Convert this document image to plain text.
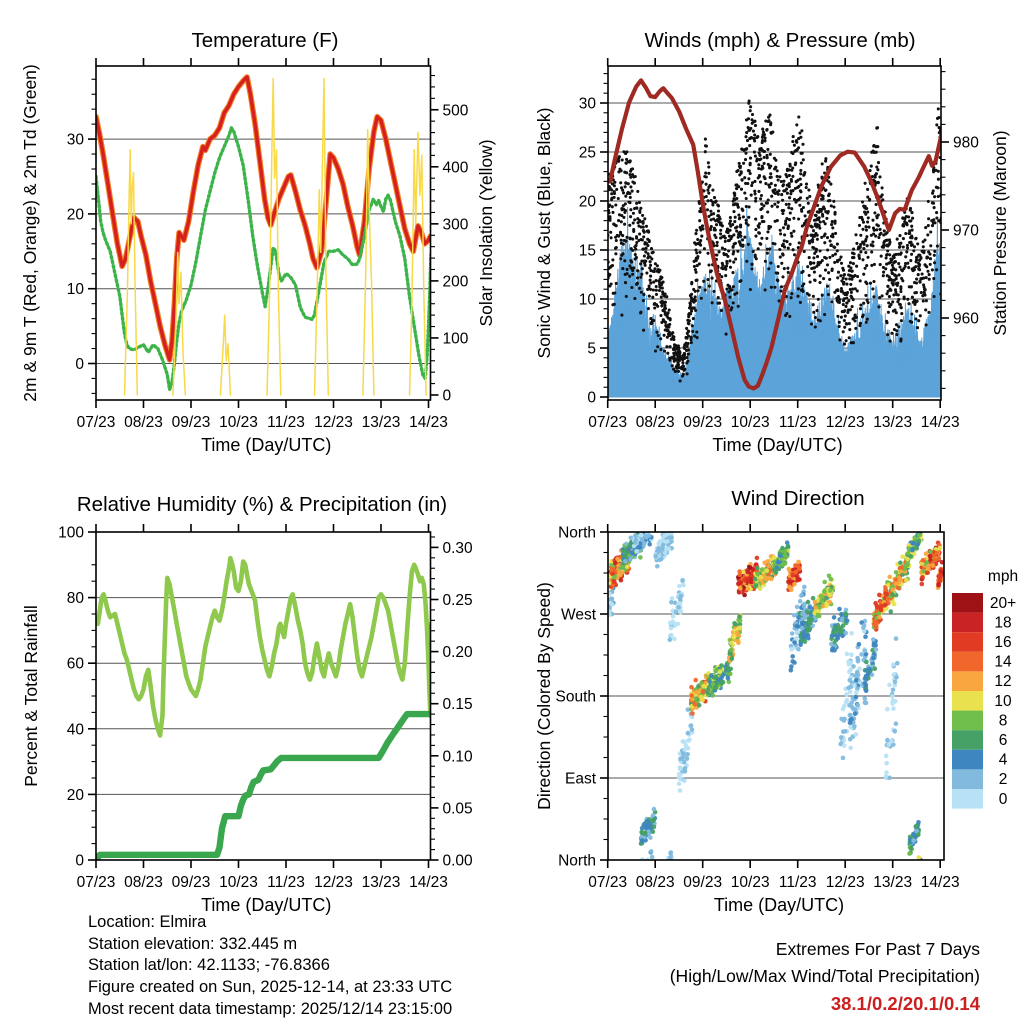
07/23 08/23 09/23 10/23 11/23 12/23 13/23 14/23
0
10
20
30
0
100
200
300
400
500
Temperature (F)
Time (Day/UTC)
2m & 9m T (Red, Orange) & 2m Td (Green)	Solar Insolation (Yellow)
07/23 08/23 09/23 10/23 11/23 12/23 13/23 14/23
0
5
10
15
20
25
30
960
970
980
Winds (mph) & Pressure (mb)
Time (Day/UTC)
Sonic Wind & Gust (Blue, Black)	Station Pressure (Maroon)
07/23 08/23 09/23 10/23 11/23 12/23 13/23 14/23
0
20
40
60
80
100
0.00
0.05
0.10
0.15
0.20
0.25
0.30
Relative Humidity (%) & Precipitation (in)
Time (Day/UTC)
Percent & Total Rainfall
07/23 08/23 09/23 10/23 11/23 12/23 13/23 14/23
North
East
South
West
North
Wind Direction
Time (Day/UTC)
Direction (Colored By Speed)
mph
20+
18
16
14
12
10
8
6
4
2
0
Location: Elmira
Station elevation: 332.445 m
Station lat/lon: 42.1133; -76.8366
Figure created on Sun, 2025-12-14, at 23:33 UTC
Most recent data timestamp: 2025/12/14 23:15:00
Extremes For Past 7 Days
(High/Low/Max Wind/Total Precipitation)
38.1/0.2/20.1/0.14
